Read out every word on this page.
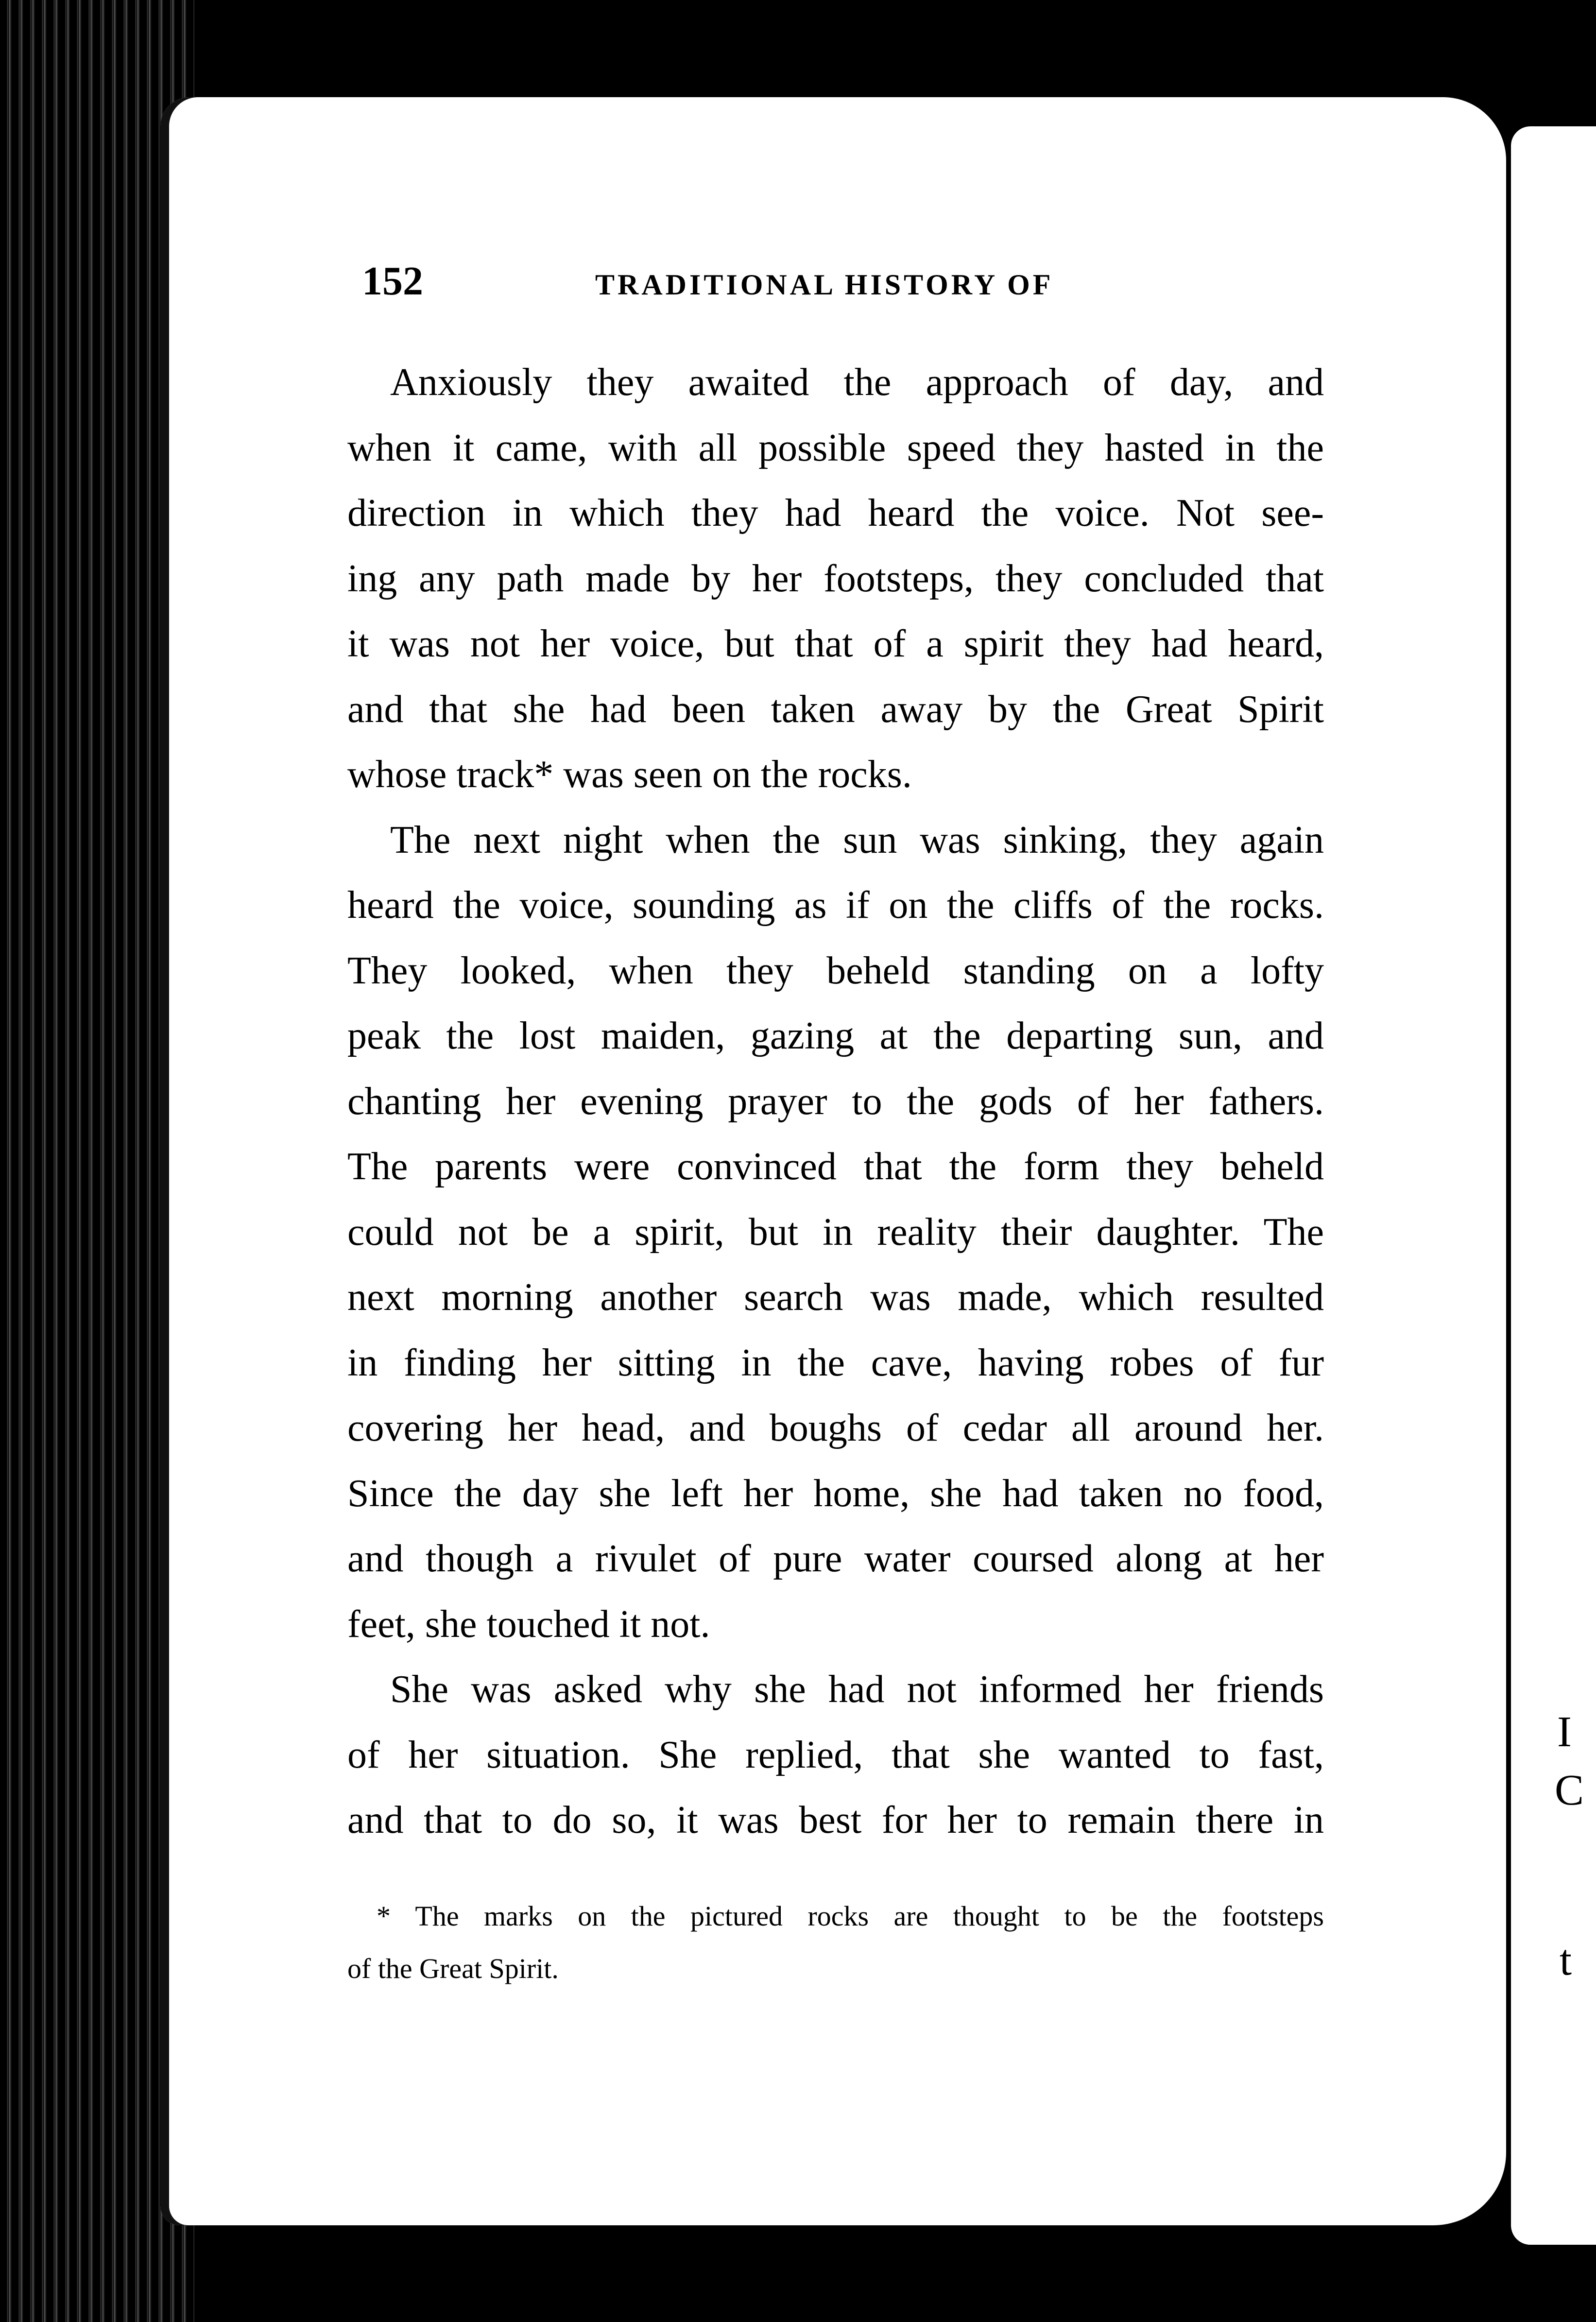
I
C
t
152	TRADITIONAL HISTORY OF

Anxiously they awaited the approach of day, and
when it came, with all possible speed they hasted in the
direction in which they had heard the voice. Not see-
ing any path made by her footsteps, they concluded that
it was not her voice, but that of a spirit they had heard,
and that she had been taken away by the Great Spirit
whose track* was seen on the rocks.

The next night when the sun was sinking, they again
heard the voice, sounding as if on the cliffs of the rocks.
They looked, when they beheld standing on a lofty
peak the lost maiden, gazing at the departing sun, and
chanting her evening prayer to the gods of her fathers.
The parents were convinced that the form they beheld
could not be a spirit, but in reality their daughter. The
next morning another search was made, which resulted
in finding her sitting in the cave, having robes of fur
covering her head, and boughs of cedar all around her.
Since the day she left her home, she had taken no food,
and though a rivulet of pure water coursed along at her
feet, she touched it not.

She was asked why she had not informed her friends
of her situation. She replied, that she wanted to fast,
and that to do so, it was best for her to remain there in

* The marks on the pictured rocks are thought to be the footsteps
of the Great Spirit.
